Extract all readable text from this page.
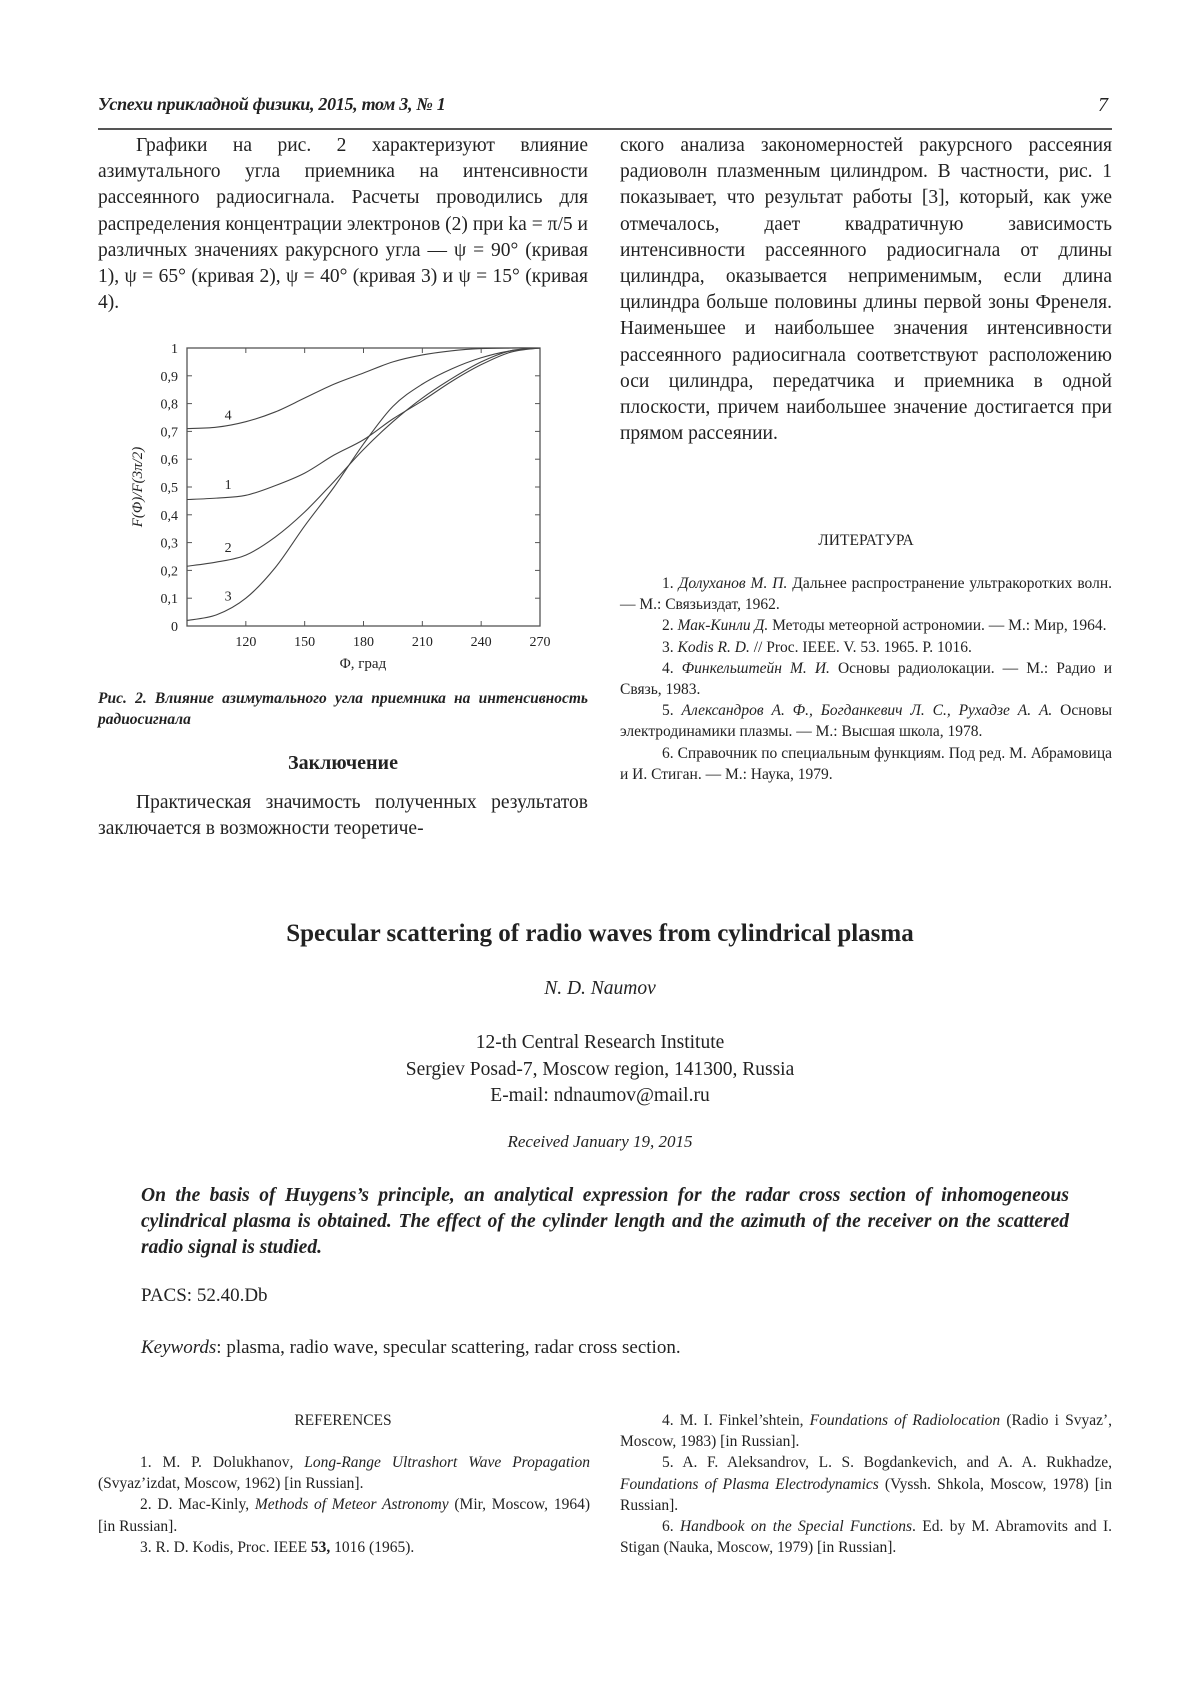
Успехи прикладной физики, 2015, том 3, № 1	7

Графики на рис. 2 характеризуют влияние азимутального угла приемника на интенсивности рассеянного радиосигнала. Расчеты проводились для распределения концентрации электронов (2) при ka = π/5 и различных значениях ракурсного угла — ψ = 90° (кривая 1), ψ = 65° (кривая 2), ψ = 40° (кривая 3) и ψ = 15° (кривая 4).

0
0,1
0,2
0,3
0,4
0,5
0,6
0,7
0,8
0,9
1
120	150	180	210	240	270
4
1
2
3
Φ, град
F(Φ)/F(3π/2)
Рис. 2. Влияние азимутального угла приемника на интенсивность радиосигнала
Заключение

Практическая значимость полученных результатов заключается в возможности теоретиче-

ского анализа закономерностей ракурсного рассеяния радиоволн плазменным цилиндром. В частности, рис. 1 показывает, что результат работы [3], который, как уже отмечалось, дает квадратичную зависимость интенсивности рассеянного радиосигнала от длины цилиндра, оказывается неприменимым, если длина цилиндра больше половины длины первой зоны Френеля. Наименьшее и наибольшее значения интенсивности рассеянного радиосигнала соответствуют расположению оси цилиндра, передатчика и приемника в одной плоскости, причем наибольшее значение достигается при прямом рассеянии.

ЛИТЕРАТУРА

1. Долуханов М. П. Дальнее распространение ультракоротких волн. — М.: Связьиздат, 1962.

2. Мак-Кинли Д. Методы метеорной астрономии. — М.: Мир, 1964.

3. Kodis R. D. // Proc. IEEE. V. 53. 1965. P. 1016.

4. Финкельштейн М. И. Основы радиолокации. — М.: Радио и Связь, 1983.

5. Александров А. Ф., Богданкевич Л. С., Рухадзе А. А. Основы электродинамики плазмы. — М.: Высшая школа, 1978.

6. Справочник по специальным функциям. Под ред. М. Абрамовица и И. Стиган. — М.: Наука, 1979.

Specular scattering of radio waves from cylindrical plasma
N. D. Naumov
12-th Central Research Institute
Sergiev Posad-7, Moscow region, 141300, Russia
E-mail: ndnaumov@mail.ru
Received January 19, 2015
On the basis of Huygens’s principle, an analytical expression for the radar cross section of inhomogeneous cylindrical plasma is obtained. The effect of the cylinder length and the azimuth of the receiver on the scattered radio signal is studied.
PACS: 52.40.Db
Keywords: plasma, radio wave, specular scattering, radar cross section.
REFERENCES

1. M. P. Dolukhanov, Long-Range Ultrashort Wave Propagation (Svyaz’izdat, Moscow, 1962) [in Russian].

2. D. Mac-Kinly, Methods of Meteor Astronomy (Mir, Moscow, 1964) [in Russian].

3. R. D. Kodis, Proc. IEEE 53, 1016 (1965).

4. M. I. Finkel’shtein, Foundations of Radiolocation (Radio i Svyaz’, Moscow, 1983) [in Russian].

5. A. F. Aleksandrov, L. S. Bogdankevich, and A. A. Rukhadze, Foundations of Plasma Electrodynamics (Vyssh. Shkola, Moscow, 1978) [in Russian].

6. Handbook on the Special Functions. Ed. by M. Abramovits and I. Stigan (Nauka, Moscow, 1979) [in Russian].
